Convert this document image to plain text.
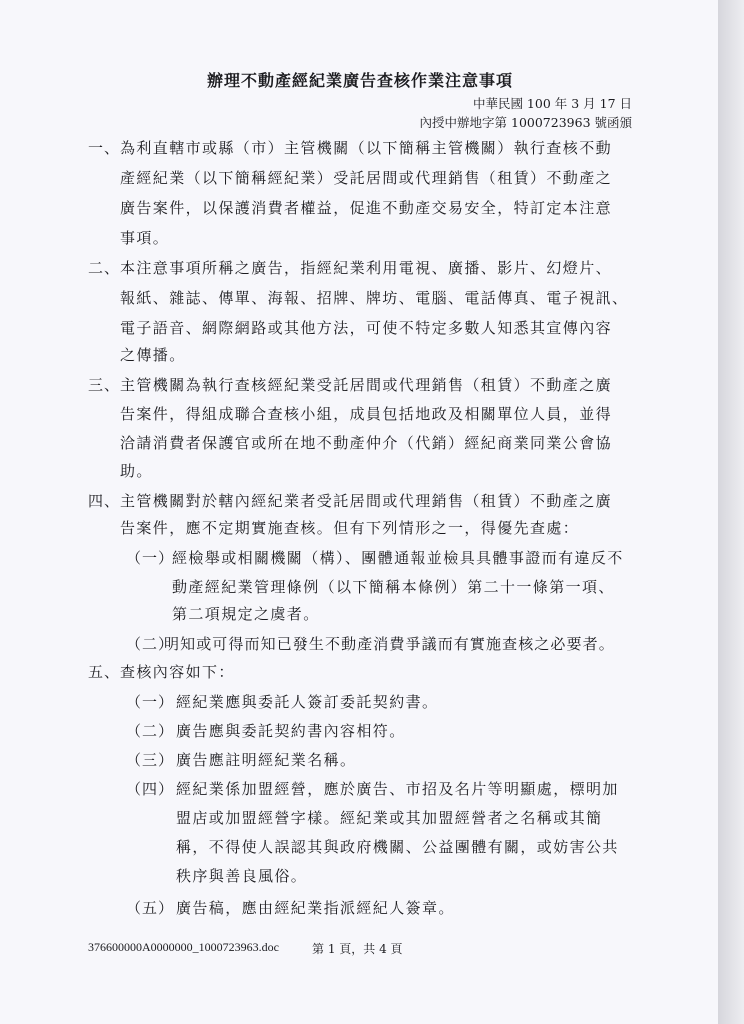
辦理不動產經紀業廣告查核作業注意事項
中華民國 100 年 3 月 17 日
內授中辦地字第 1000723963 號函頒
一、 為利直轄市或縣（市）主管機關（以下簡稱主管機關）執行查核不動
產經紀業（以下簡稱經紀業）受託居間或代理銷售（租賃）不動產之
廣告案件，以保護消費者權益，促進不動產交易安全，特訂定本注意
事項。
二、 本注意事項所稱之廣告，指經紀業利用電視、廣播、影片、幻燈片、
報紙、雜誌、傳單、海報、招牌、牌坊、電腦、電話傳真、電子視訊、
電子語音、網際網路或其他方法，可使不特定多數人知悉其宣傳內容
之傳播。
三、 主管機關為執行查核經紀業受託居間或代理銷售（租賃）不動產之廣
告案件，得組成聯合查核小組，成員包括地政及相關單位人員，並得
洽請消費者保護官或所在地不動產仲介（代銷）經紀商業同業公會協
助。
四、 主管機關對於轄內經紀業者受託居間或代理銷售（租賃）不動產之廣
告案件，應不定期實施查核。但有下列情形之一，得優先查處：
（一）
經檢舉或相關機關（構）、團體通報並檢具具體事證而有違反不
動產經紀業管理條例（以下簡稱本條例）第二十一條第一項、
第二項規定之虞者。
（二）
明知或可得而知已發生不動產消費爭議而有實施查核之必要者。
五、 查核內容如下：
（一） 經紀業應與委託人簽訂委託契約書。
（二） 廣告應與委託契約書內容相符。
（三） 廣告應註明經紀業名稱。
（四） 經紀業係加盟經營，應於廣告、市招及名片等明顯處，標明加
盟店或加盟經營字樣。經紀業或其加盟經營者之名稱或其簡
稱，不得使人誤認其與政府機關、公益團體有關，或妨害公共
秩序與善良風俗。
（五） 廣告稿，應由經紀業指派經紀人簽章。
376600000A0000000_1000723963.doc	第 1 頁，共 4 頁
